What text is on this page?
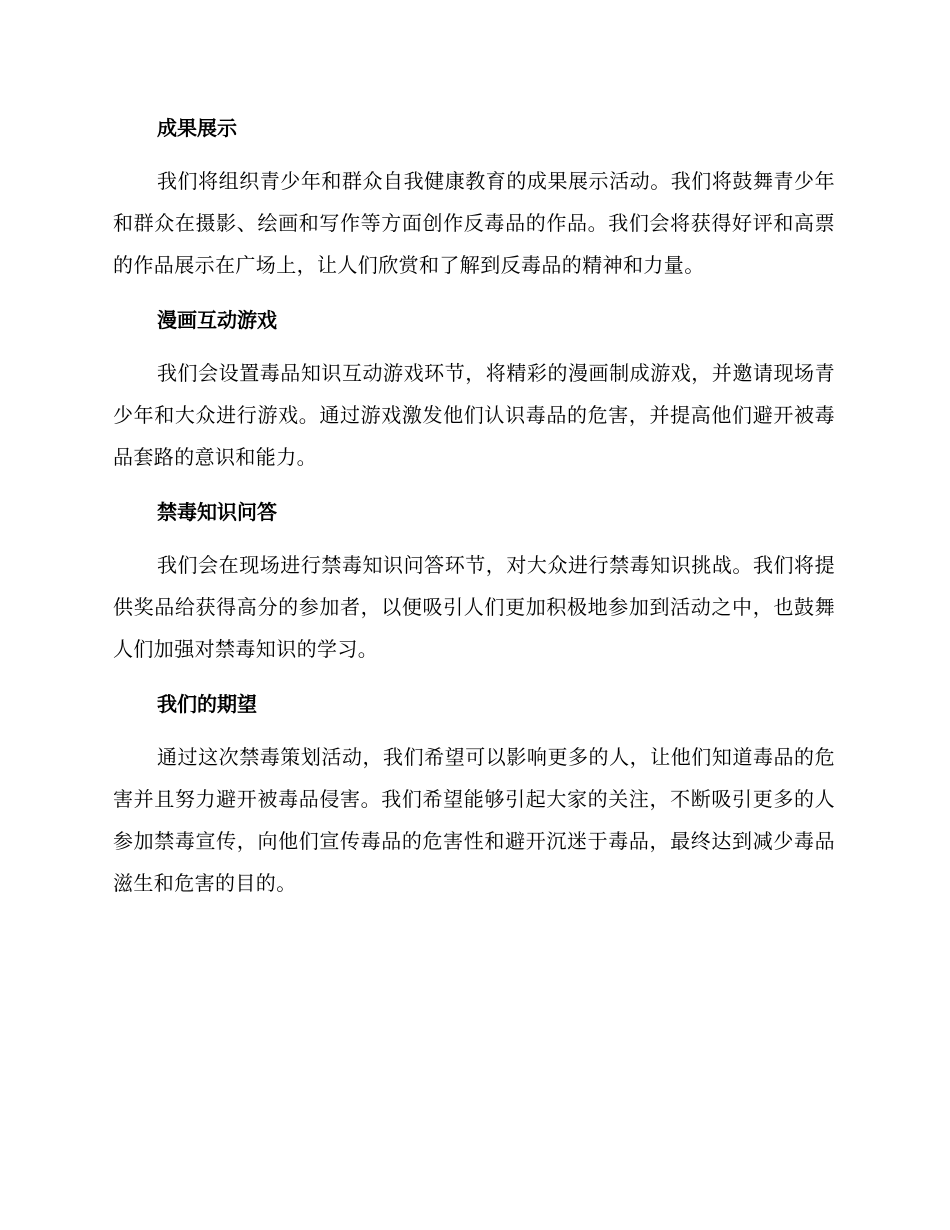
成果展示

我们将组织青少年和群众自我健康教育的成果展示活动。我们将鼓舞青少年和群众在摄影、绘画和写作等方面创作反毒品的作品。我们会将获得好评和高票的作品展示在广场上，让人们欣赏和了解到反毒品的精神和力量。

漫画互动游戏

我们会设置毒品知识互动游戏环节，将精彩的漫画制成游戏，并邀请现场青少年和大众进行游戏。通过游戏激发他们认识毒品的危害，并提高他们避开被毒品套路的意识和能力。

禁毒知识问答

我们会在现场进行禁毒知识问答环节，对大众进行禁毒知识挑战。我们将提供奖品给获得高分的参加者，以便吸引人们更加积极地参加到活动之中，也鼓舞人们加强对禁毒知识的学习。

我们的期望

通过这次禁毒策划活动，我们希望可以影响更多的人，让他们知道毒品的危害并且努力避开被毒品侵害。我们希望能够引起大家的关注，不断吸引更多的人参加禁毒宣传，向他们宣传毒品的危害性和避开沉迷于毒品，最终达到减少毒品滋生和危害的目的。
